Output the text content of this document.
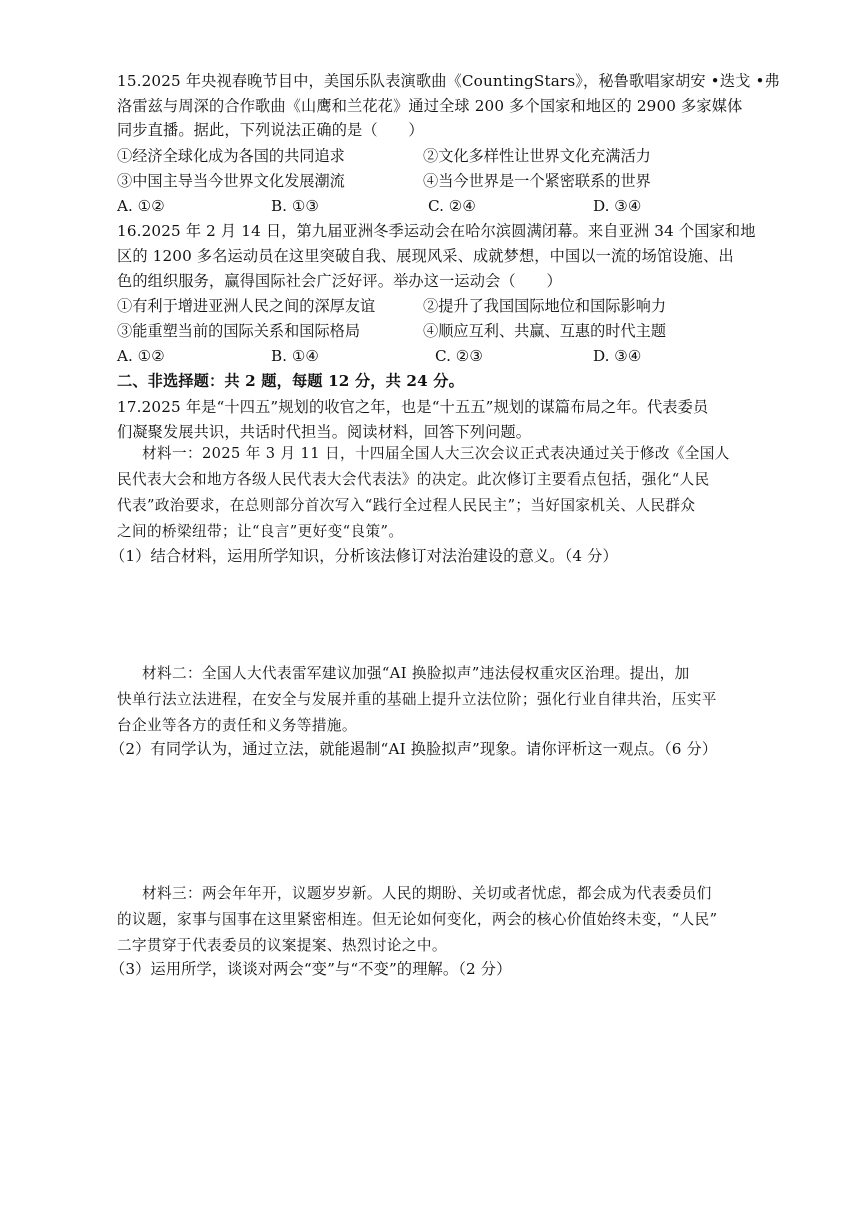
15.2025 年央视春晚节目中，美国乐队表演歌曲《CountingStars》，秘鲁歌唱家胡安 •迭戈 •弗
洛雷兹与周深的合作歌曲《山鹰和兰花花》通过全球 200 多个国家和地区的 2900 多家媒体
同步直播。据此，下列说法正确的是（　　）
①经济全球化成为各国的共同追求	②文化多样性让世界文化充满活力
③中国主导当今世界文化发展潮流	④当今世界是一个紧密联系的世界
A. ①②	B. ①③	C. ②④	D. ③④
16.2025 年 2 月 14 日，第九届亚洲冬季运动会在哈尔滨圆满闭幕。来自亚洲 34 个国家和地
区的 1200 多名运动员在这里突破自我、展现风采、成就梦想，中国以一流的场馆设施、出
色的组织服务，赢得国际社会广泛好评。举办这一运动会（　　）
①有利于增进亚洲人民之间的深厚友谊	②提升了我国国际地位和国际影响力
③能重塑当前的国际关系和国际格局	④顺应互利、共赢、互惠的时代主题
A. ①②	B. ①④	C. ②③	D. ③④
二、非选择题：共 2 题，每题 12 分，共 24 分。
17.2025 年是“十四五”规划的收官之年，也是“十五五”规划的谋篇布局之年。代表委员
们凝聚发展共识，共话时代担当。阅读材料，回答下列问题。
材料一：2025 年 3 月 11 日，十四届全国人大三次会议正式表决通过关于修改《全国人
民代表大会和地方各级人民代表大会代表法》的决定。此次修订主要看点包括，强化“人民
代表”政治要求，在总则部分首次写入“践行全过程人民民主”；当好国家机关、人民群众
之间的桥梁纽带；让“良言”更好变“良策”。
（1）结合材料，运用所学知识，分析该法修订对法治建设的意义。（4 分）
材料二：全国人大代表雷军建议加强“AI 换脸拟声”违法侵权重灾区治理。提出，加
快单行法立法进程，在安全与发展并重的基础上提升立法位阶；强化行业自律共治，压实平
台企业等各方的责任和义务等措施。
（2）有同学认为，通过立法，就能遏制“AI 换脸拟声”现象。请你评析这一观点。（6 分）
材料三：两会年年开，议题岁岁新。人民的期盼、关切或者忧虑，都会成为代表委员们
的议题，家事与国事在这里紧密相连。但无论如何变化，两会的核心价值始终未变，“人民”
二字贯穿于代表委员的议案提案、热烈讨论之中。
（3）运用所学，谈谈对两会“变”与“不变”的理解。（2 分）
